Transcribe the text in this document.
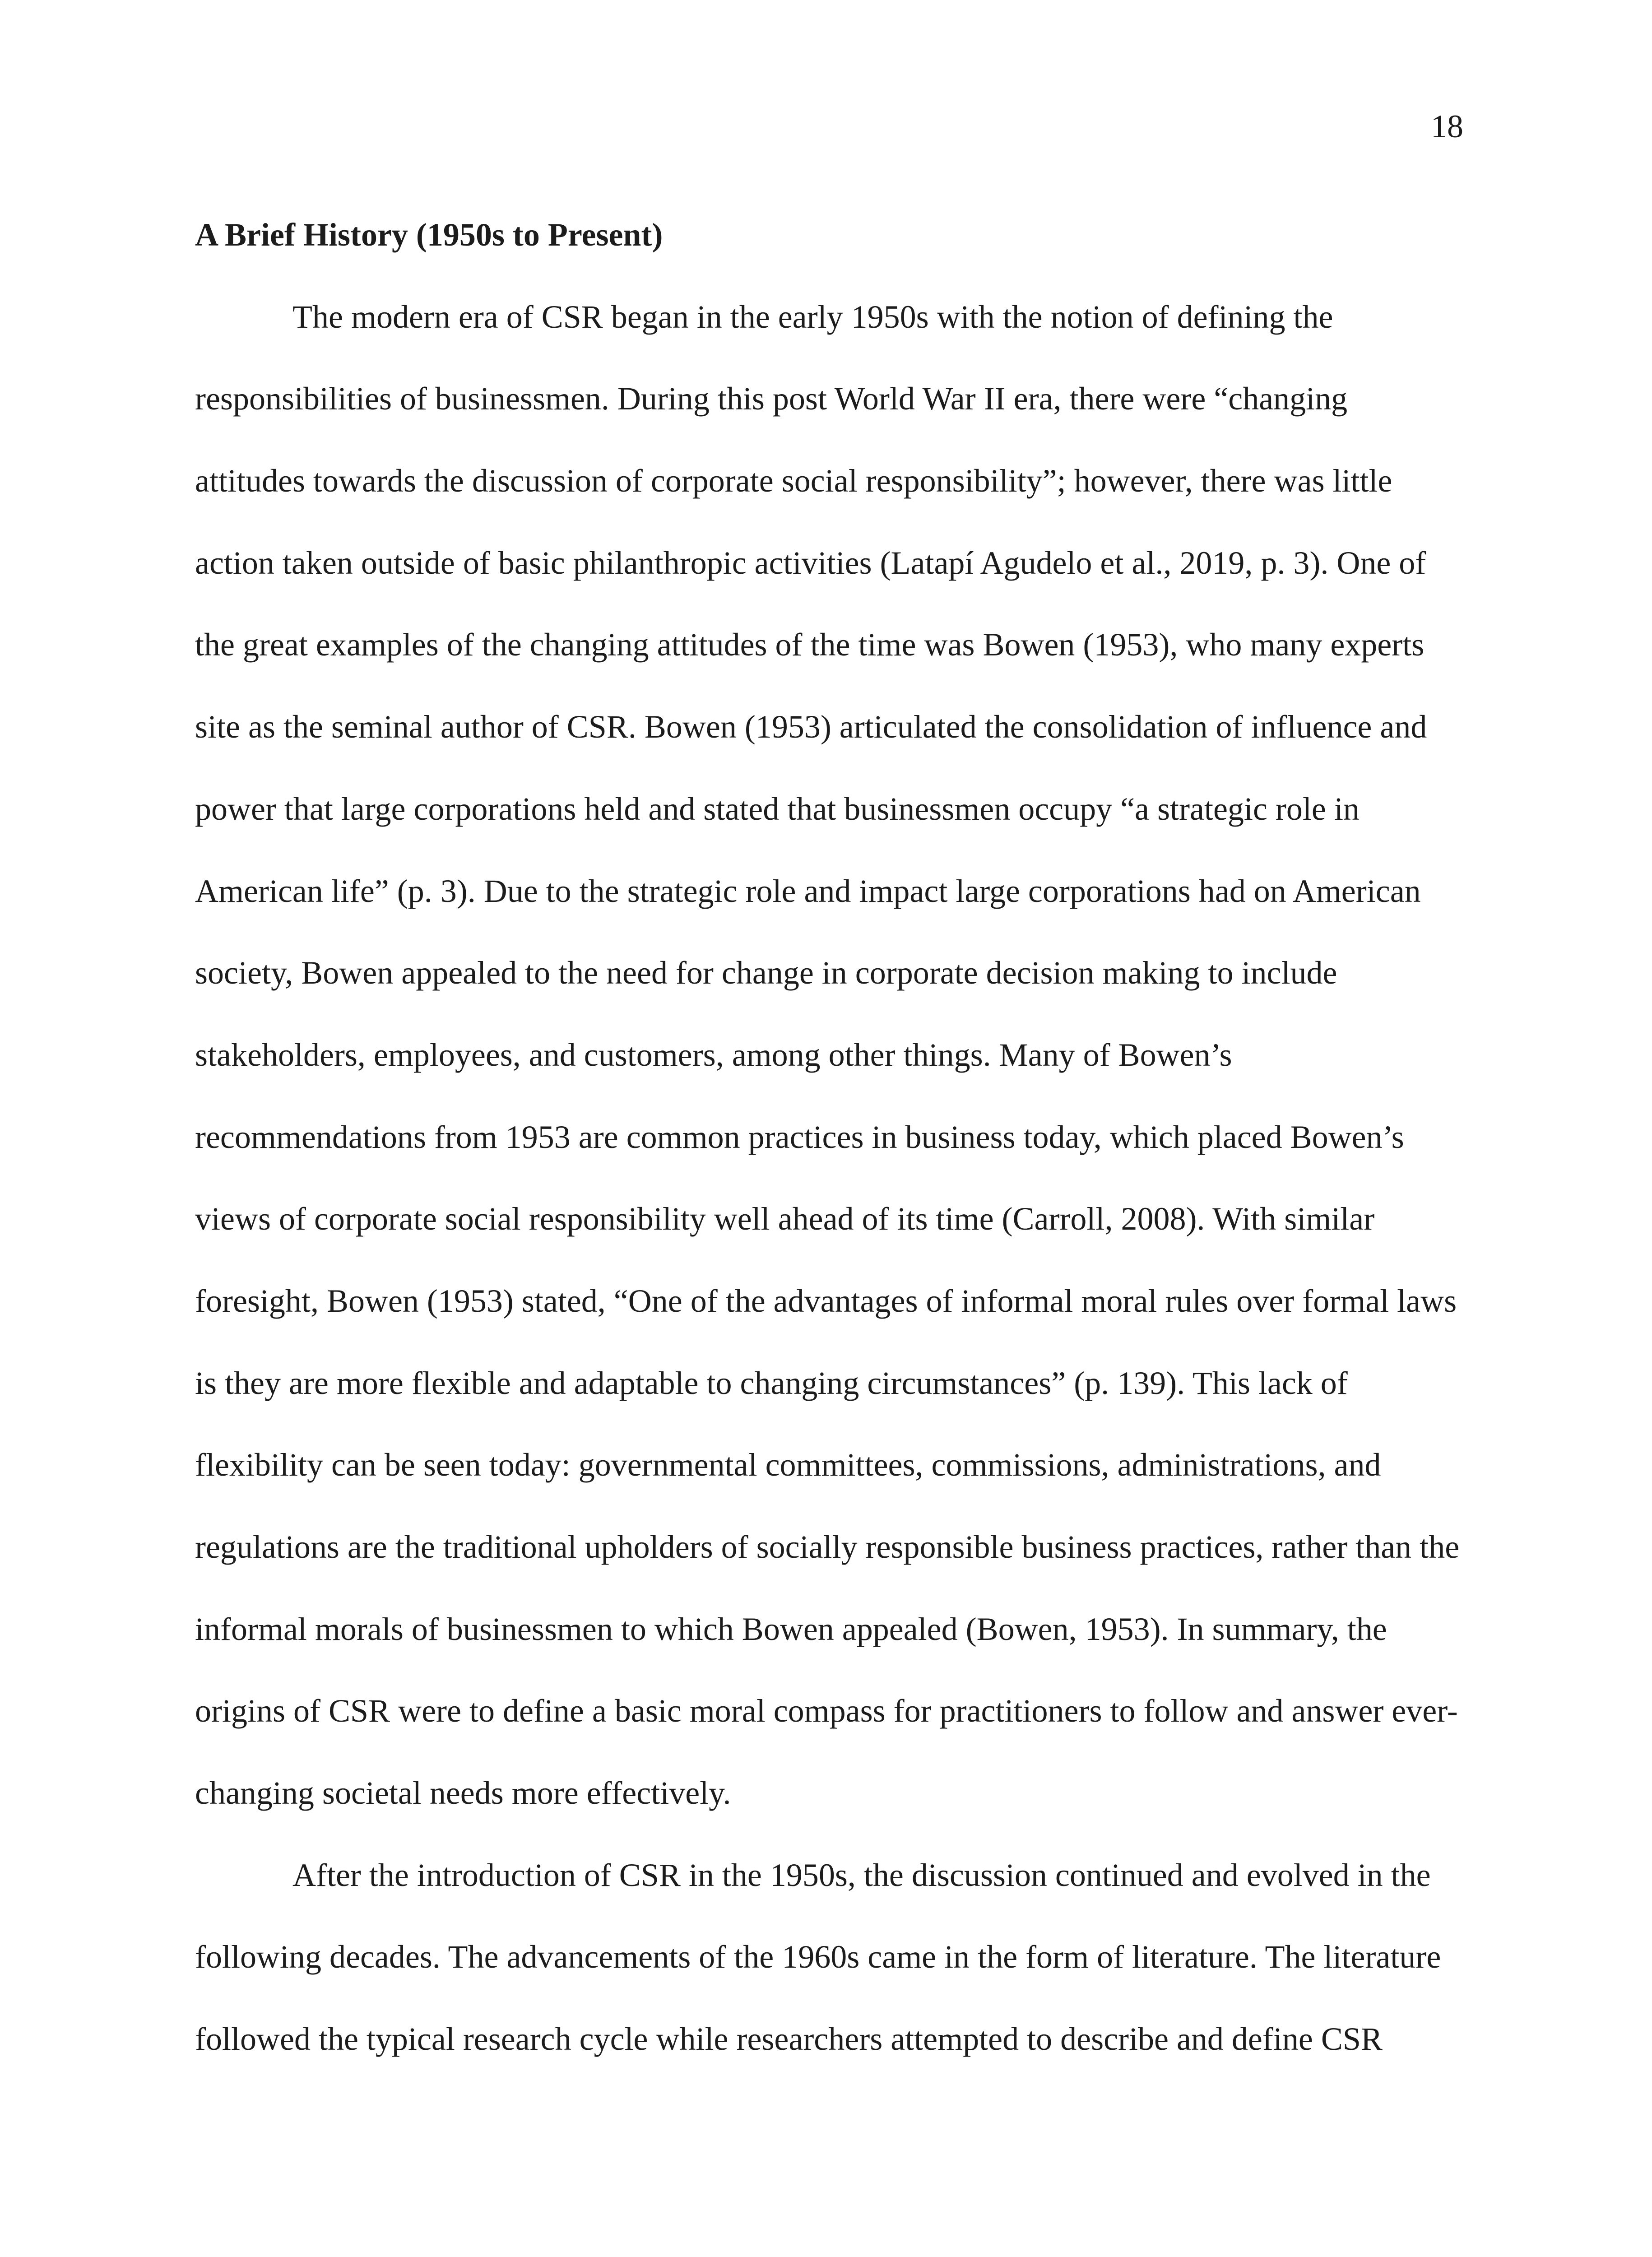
18
A Brief History (1950s to Present)
The modern era of CSR began in the early 1950s with the notion of defining the
responsibilities of businessmen. During this post World War II era, there were “changing
attitudes towards the discussion of corporate social responsibility”; however, there was little
action taken outside of basic philanthropic activities (Latapí Agudelo et al., 2019, p. 3). One of
the great examples of the changing attitudes of the time was Bowen (1953), who many experts
site as the seminal author of CSR. Bowen (1953) articulated the consolidation of influence and
power that large corporations held and stated that businessmen occupy “a strategic role in
American life” (p. 3). Due to the strategic role and impact large corporations had on American
society, Bowen appealed to the need for change in corporate decision making to include
stakeholders, employees, and customers, among other things. Many of Bowen’s
recommendations from 1953 are common practices in business today, which placed Bowen’s
views of corporate social responsibility well ahead of its time (Carroll, 2008). With similar
foresight, Bowen (1953) stated, “One of the advantages of informal moral rules over formal laws
is they are more flexible and adaptable to changing circumstances” (p. 139). This lack of
flexibility can be seen today: governmental committees, commissions, administrations, and
regulations are the traditional upholders of socially responsible business practices, rather than the
informal morals of businessmen to which Bowen appealed (Bowen, 1953). In summary, the
origins of CSR were to define a basic moral compass for practitioners to follow and answer ever-
changing societal needs more effectively.
After the introduction of CSR in the 1950s, the discussion continued and evolved in the
following decades. The advancements of the 1960s came in the form of literature. The literature
followed the typical research cycle while researchers attempted to describe and define CSR
